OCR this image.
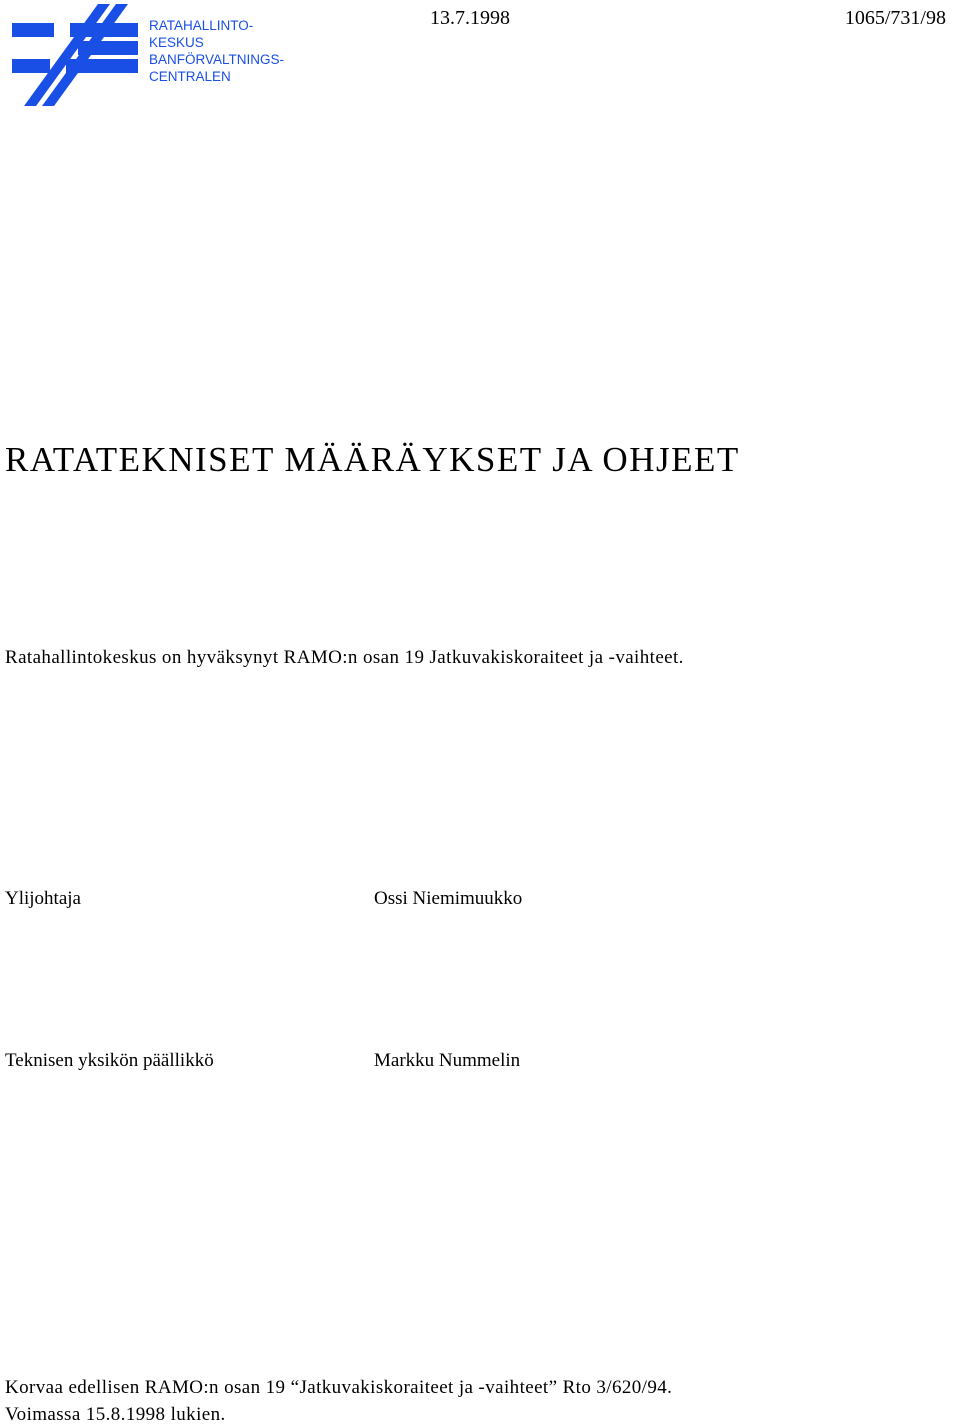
RATAHALLINTO-
KESKUS
BANFÖRVALTNINGS-
CENTRALEN
13.7.1998	1065/731/98
RATATEKNISET MÄÄRÄYKSET JA OHJEET
Ratahallintokeskus on hyväksynyt RAMO:n osan 19 Jatkuvakiskoraiteet ja -vaihteet.
Ylijohtaja	Ossi Niemimuukko
Teknisen yksikön päällikkö	Markku Nummelin
Korvaa edellisen RAMO:n osan 19 “Jatkuvakiskoraiteet ja -vaihteet” Rto 3/620/94.
Voimassa 15.8.1998 lukien.
